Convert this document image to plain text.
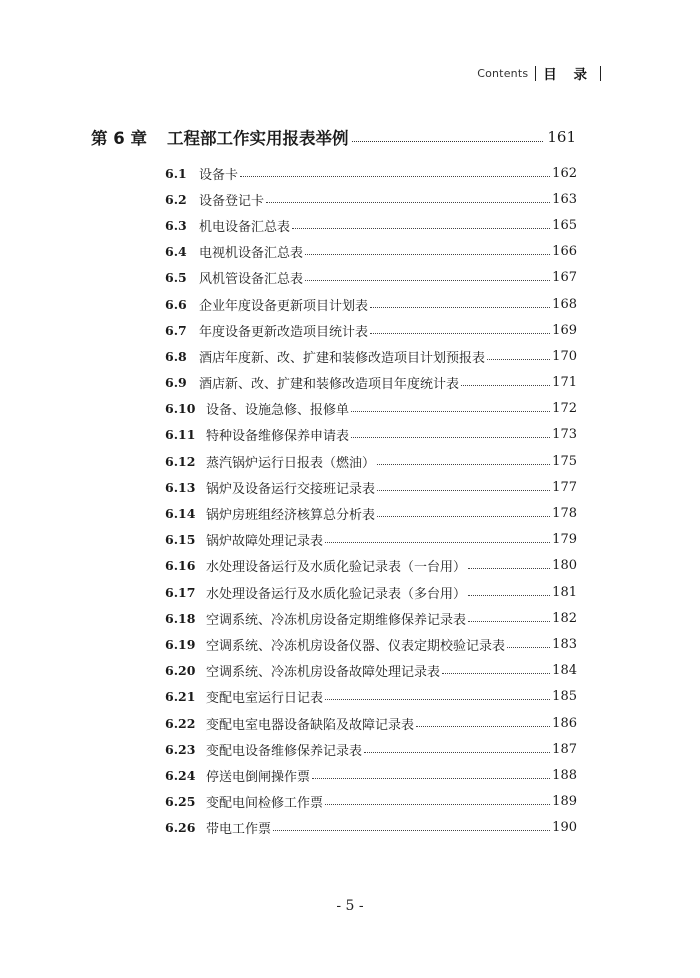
Contents 目 录
第 6 章 工程部工作实用报表举例	161
6.1 设备卡	162
6.2 设备登记卡	163
6.3 机电设备汇总表	165
6.4 电视机设备汇总表	166
6.5 风机管设备汇总表	167
6.6 企业年度设备更新项目计划表	168
6.7 年度设备更新改造项目统计表	169
6.8 酒店年度新、改、扩建和装修改造项目计划预报表	170
6.9 酒店新、改、扩建和装修改造项目年度统计表	171
6.10 设备、设施急修、报修单	172
6.11 特种设备维修保养申请表	173
6.12 蒸汽锅炉运行日报表（燃油）	175
6.13 锅炉及设备运行交接班记录表	177
6.14 锅炉房班组经济核算总分析表	178
6.15 锅炉故障处理记录表	179
6.16 水处理设备运行及水质化验记录表（一台用）	180
6.17 水处理设备运行及水质化验记录表（多台用）	181
6.18 空调系统、冷冻机房设备定期维修保养记录表	182
6.19 空调系统、冷冻机房设备仪器、仪表定期校验记录表	183
6.20 空调系统、冷冻机房设备故障处理记录表	184
6.21 变配电室运行日记表	185
6.22 变配电室电器设备缺陷及故障记录表	186
6.23 变配电设备维修保养记录表	187
6.24 停送电倒闸操作票	188
6.25 变配电间检修工作票	189
6.26 带电工作票	190
- 5 -
